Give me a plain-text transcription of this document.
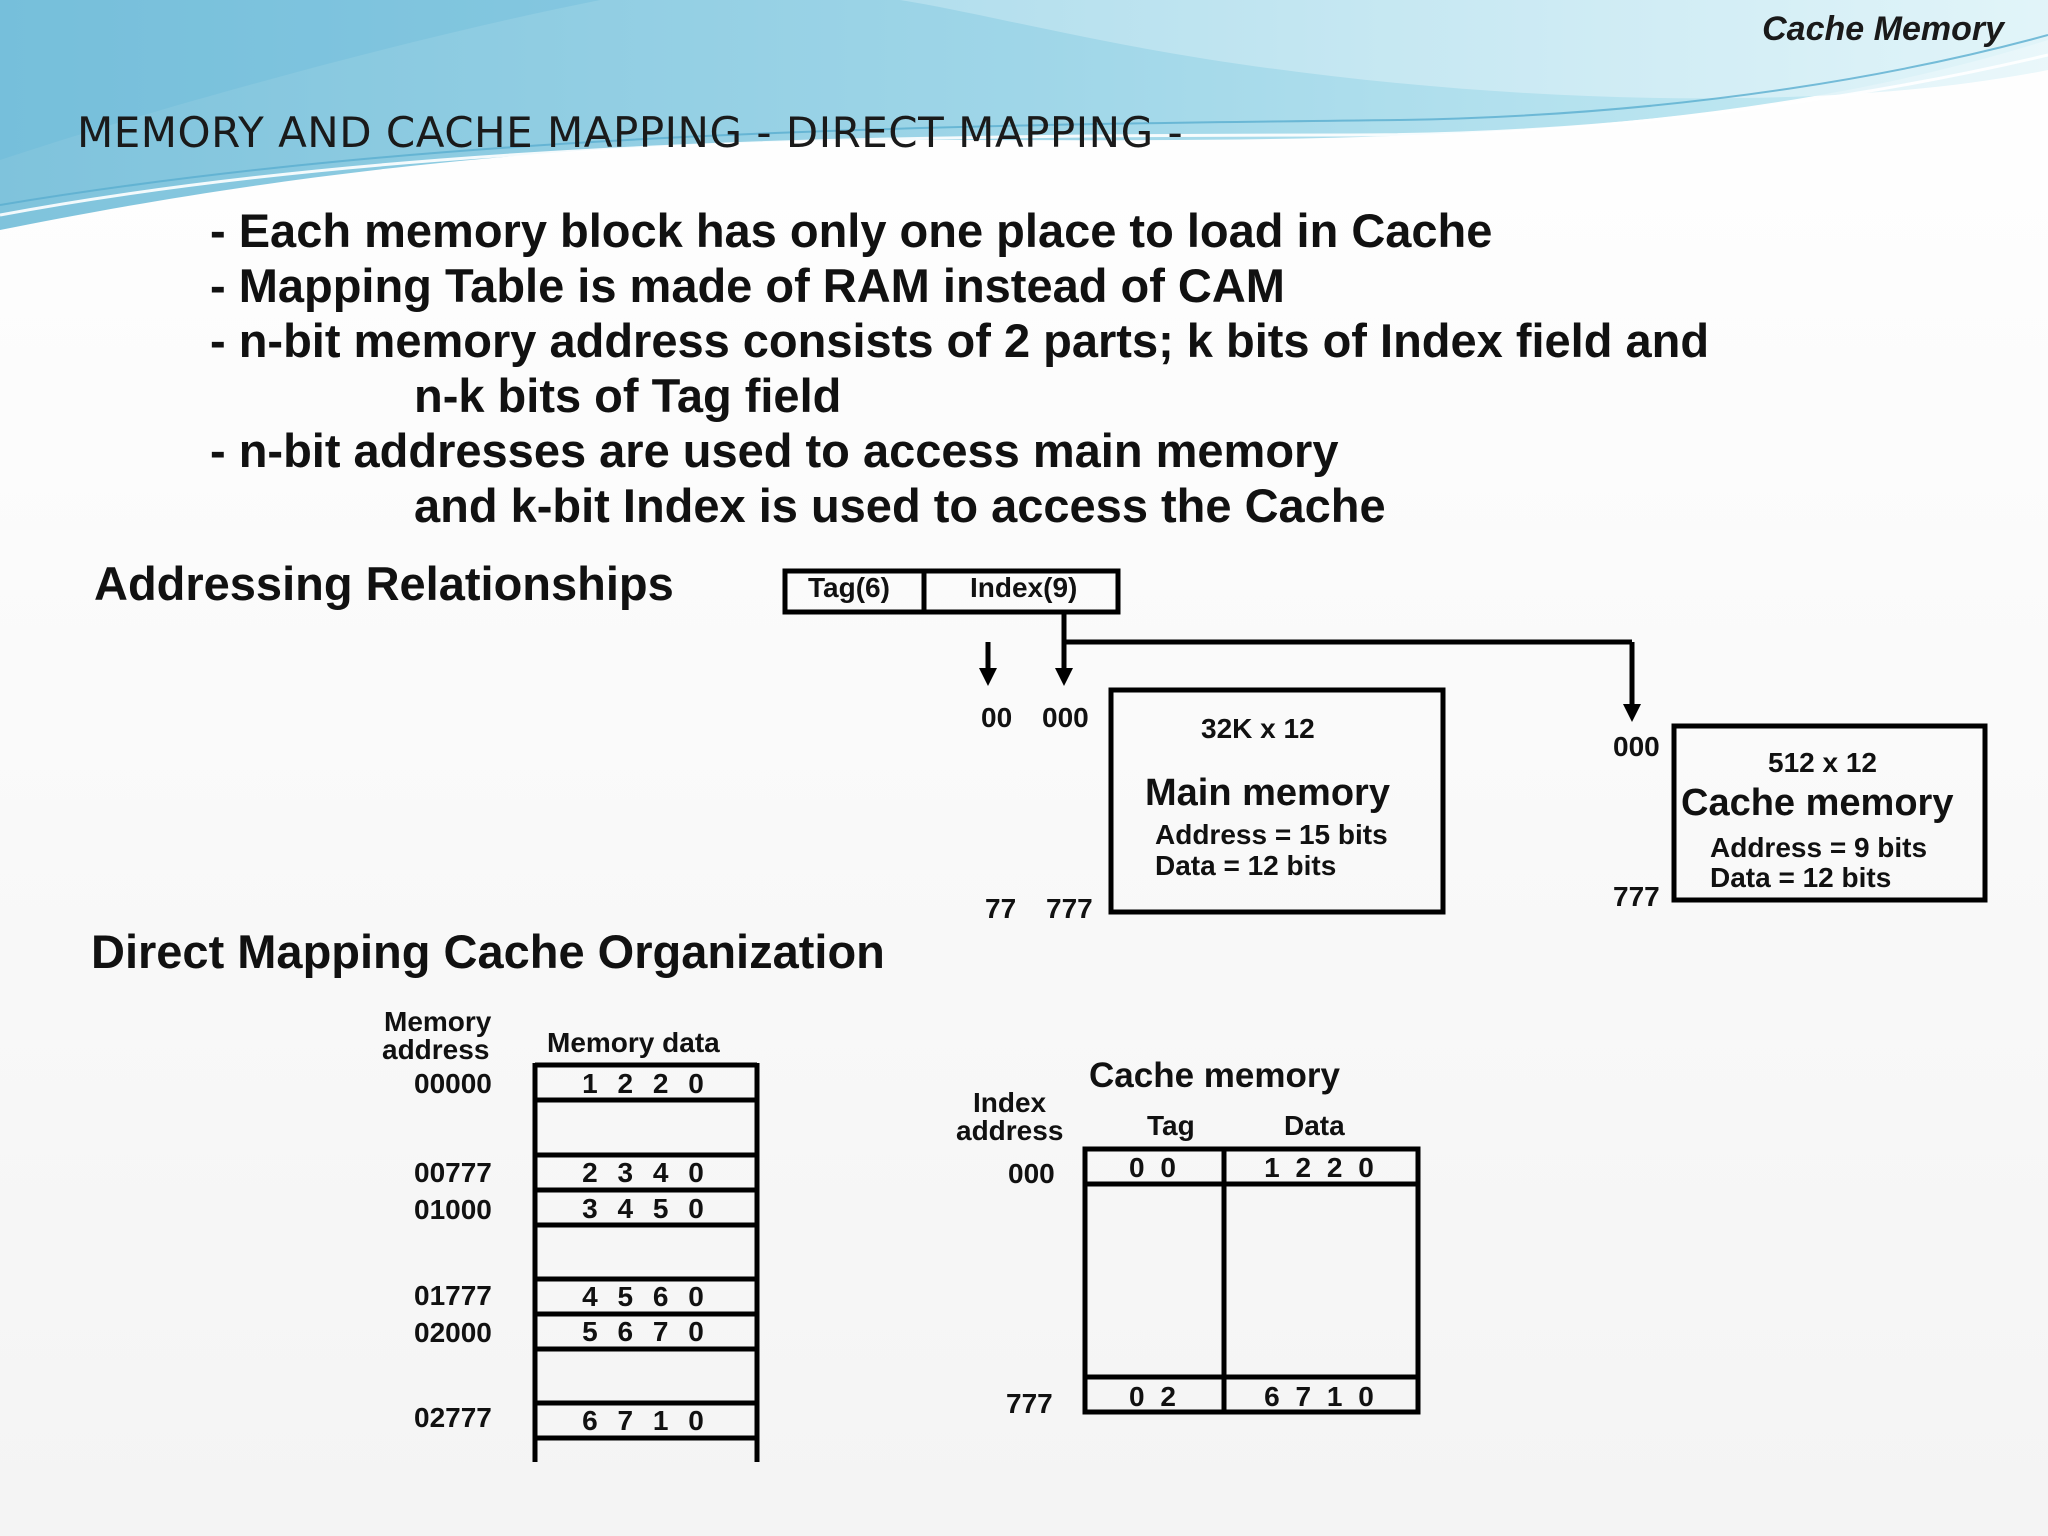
Cache Memory
MEMORY AND CACHE MAPPING - DIRECT MAPPING -
- Each memory block has only one place to load in Cache
- Mapping Table is made of RAM instead of CAM
- n-bit memory address consists of 2 parts; k bits of Index field and
n-k bits of Tag field
- n-bit addresses are used to access main memory
and k-bit Index is used to access the Cache
Addressing Relationships
Direct Mapping Cache Organization
Tag(6)	Index(9)
00 000
77 777
32K x 12
Main memory
Address = 15 bits
Data = 12 bits
000
777
512 x 12
Cache memory
Address = 9 bits
Data = 12 bits
Memory
address Memory data
00000	1 2 2 0
00777	2 3 4 0
01000	3 4 5 0
01777	4 5 6 0
02000	5 6 7 0
02777	6 7 1 0
Cache memory
Index
address	Tag	Data
000	0 0	1 2 2 0
777	0 2	6 7 1 0
